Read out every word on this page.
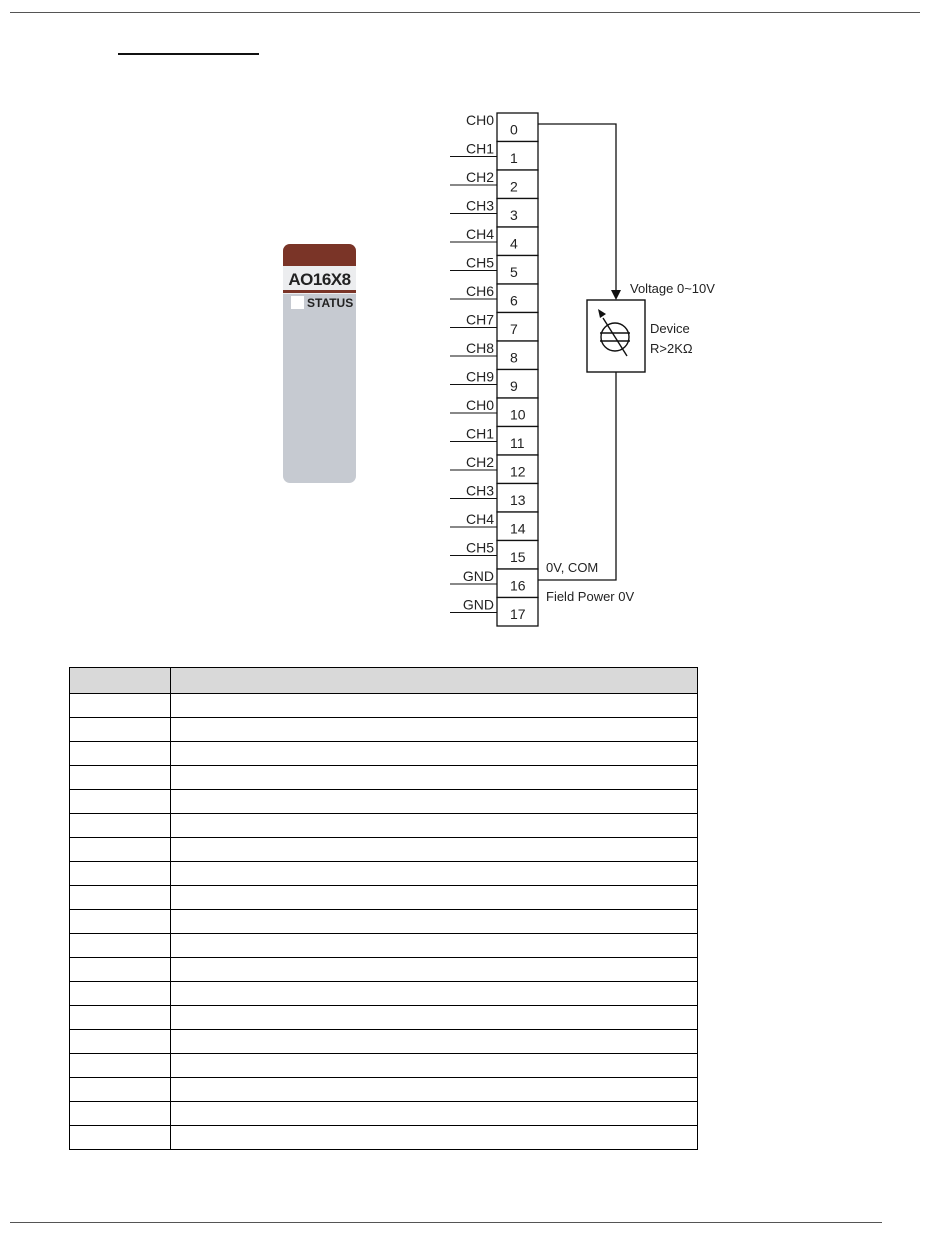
AO16X8
STATUS
0
CH0
1
CH1
2
CH2
3
CH3
4
CH4
5
CH5
6
CH6
7
CH7
8
CH8
9
CH9
10
CH0
11
CH1
12
CH2
13
CH3
14
CH4
15
CH5
16
GND
17
GND
Voltage 0~10V
Device
R>2KΩ
0V, COM
Field Power 0V
